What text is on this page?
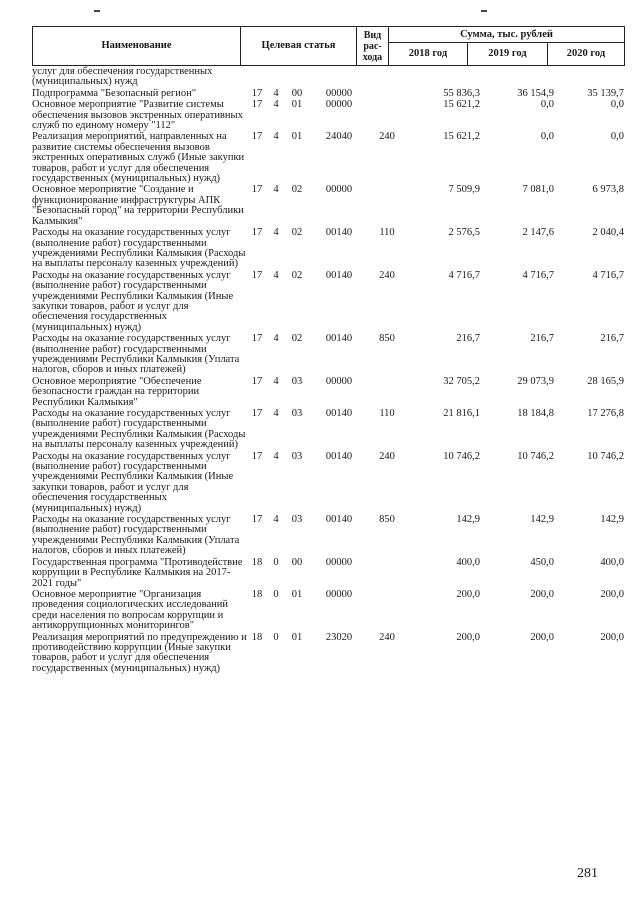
Наименование	Целевая статья	Вид
рас-
хода	Сумма, тыс. рублей		
			2018 год	2019 год	2020 год
услуг для обеспечения государственных (муниципальных) нужд								
Подпрограмма "Безопасный регион"	17	4	00	00000		55 836,3	36 154,9	35 139,7
Основное мероприятие "Развитие системы обеспечения вызовов экстренных оперативных служб по единому номеру "112"	17	4	01	00000		15 621,2	0,0	0,0
Реализация мероприятий, направленных на развитие системы обеспечения вызовов экстренных оперативных служб (Иные закупки товаров, работ и услуг для обеспечения государственных (муниципальных) нужд)	17	4	01	24040	240	15 621,2	0,0	0,0
Основное мероприятие "Создание и функционирование инфраструктуры АПК "Безопасный город" на территории Республики Калмыкия"	17	4	02	00000		7 509,9	7 081,0	6 973,8
Расходы на оказание государственных услуг (выполнение работ) государственными учреждениями Республики Калмыкия (Расходы на выплаты персоналу казенных учреждений)	17	4	02	00140	110	2 576,5	2 147,6	2 040,4
Расходы на оказание государственных услуг (выполнение работ) государственными учреждениями Республики Калмыкия (Иные закупки товаров, работ и услуг для обеспечения государственных (муниципальных) нужд)	17	4	02	00140	240	4 716,7	4 716,7	4 716,7
Расходы на оказание государственных услуг (выполнение работ) государственными учреждениями Республики Калмыкия (Уплата налогов, сборов и иных платежей)	17	4	02	00140	850	216,7	216,7	216,7
Основное мероприятие "Обеспечение безопасности граждан на территории Республики Калмыкия"	17	4	03	00000		32 705,2	29 073,9	28 165,9
Расходы на оказание государственных услуг (выполнение работ) государственными учреждениями Республики Калмыкия (Расходы на выплаты персоналу казенных учреждений)	17	4	03	00140	110	21 816,1	18 184,8	17 276,8
Расходы на оказание государственных услуг (выполнение работ) государственными учреждениями Республики Калмыкия (Иные закупки товаров, работ и услуг для обеспечения государственных (муниципальных) нужд)	17	4	03	00140	240	10 746,2	10 746,2	10 746,2
Расходы на оказание государственных услуг (выполнение работ) государственными учреждениями Республики Калмыкия (Уплата налогов, сборов и иных платежей)	17	4	03	00140	850	142,9	142,9	142,9
Государственная программа "Противодействие коррупции в Республике Калмыкия на 2017-2021 годы"	18	0	00	00000		400,0	450,0	400,0
Основное мероприятие "Организация проведения социологических исследований среди населения по вопросам коррупции и антикоррупционных мониторингов"	18	0	01	00000		200,0	200,0	200,0
Реализация мероприятий по предупреждению и противодействию коррупции (Иные закупки товаров, работ и услуг для обеспечения государственных (муниципальных) нужд)	18	0	01	23020	240	200,0	200,0	200,0
281
